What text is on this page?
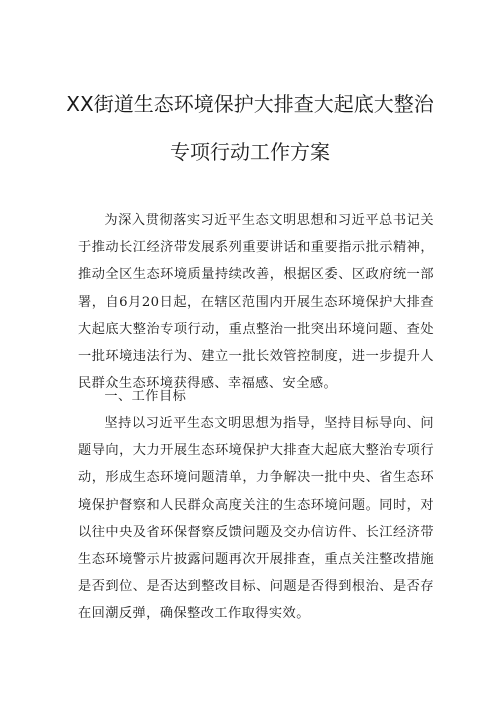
XX街道生态环境保护大排查大起底大整治
专项行动工作方案

为深入贯彻落实习近平生态文明思想和习近平总书记关于推动长江经济带发展系列重要讲话和重要指示批示精神，推动全区生态环境质量持续改善，根据区委、区政府统一部署，自6月20日起，在辖区范围内开展生态环境保护大排查大起底大整治专项行动，重点整治一批突出环境问题、查处一批环境违法行为、建立一批长效管控制度，进一步提升人民群众生态环境获得感、幸福感、安全感。

一、工作目标

坚持以习近平生态文明思想为指导，坚持目标导向、问题导向，大力开展生态环境保护大排查大起底大整治专项行动，形成生态环境问题清单，力争解决一批中央、省生态环境保护督察和人民群众高度关注的生态环境问题。同时，对以往中央及省环保督察反馈问题及交办信访件、长江经济带生态环境警示片披露问题再次开展排查，重点关注整改措施是否到位、是否达到整改目标、问题是否得到根治、是否存在回潮反弹，确保整改工作取得实效。
